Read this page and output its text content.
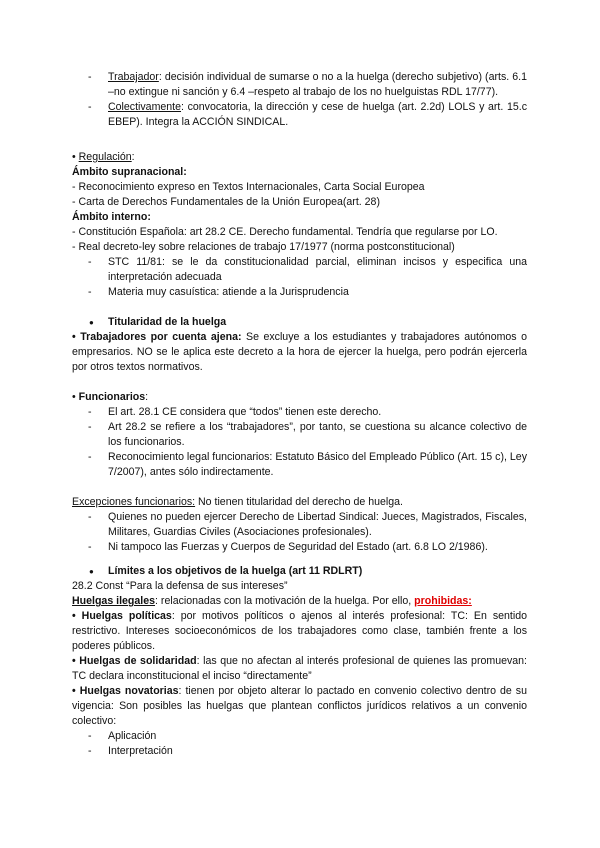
- Trabajador: decisión individual de sumarse o no a la huelga (derecho subjetivo) (arts. 6.1 –no extingue ni sanción y 6.4 –respeto al trabajo de los no huelguistas RDL 17/77).
- Colectivamente: convocatoria, la dirección y cese de huelga (art. 2.2d) LOLS y art. 15.c EBEP). Integra la ACCIÓN SINDICAL.

• Regulación:

Ámbito supranacional:

- Reconocimiento expreso en Textos Internacionales, Carta Social Europea

- Carta de Derechos Fundamentales de la Unión Europea(art. 28)

Ámbito interno:

- Constitución Española: art 28.2 CE. Derecho fundamental. Tendría que regularse por LO.

- Real decreto-ley sobre relaciones de trabajo 17/1977 (norma postconstitucional)

- STC 11/81: se le da constitucionalidad parcial, eliminan incisos y especifica una interpretación adecuada
- Materia muy casuística: atiende a la Jurisprudencia

● Titularidad de la huelga

• Trabajadores por cuenta ajena: Se excluye a los estudiantes y trabajadores autónomos o empresarios. NO se le aplica este decreto a la hora de ejercer la huelga, pero podrán ejercerla por otros textos normativos.

• Funcionarios:

- El art. 28.1 CE considera que “todos” tienen este derecho.
- Art 28.2 se refiere a los “trabajadores”, por tanto, se cuestiona su alcance colectivo de los funcionarios.
- Reconocimiento legal funcionarios: Estatuto Básico del Empleado Público (Art. 15 c), Ley 7/2007), antes sólo indirectamente.

Excepciones funcionarios: No tienen titularidad del derecho de huelga.

- Quienes no pueden ejercer Derecho de Libertad Sindical: Jueces, Magistrados, Fiscales, Militares, Guardias Civiles (Asociaciones profesionales).
- Ni tampoco las Fuerzas y Cuerpos de Seguridad del Estado (art. 6.8 LO 2/1986).

● Límites a los objetivos de la huelga (art 11 RDLRT)

28.2 Const “Para la defensa de sus intereses”

Huelgas ilegales: relacionadas con la motivación de la huelga. Por ello, prohibidas:

• Huelgas políticas: por motivos políticos o ajenos al interés profesional: TC: En sentido restrictivo. Intereses socioeconómicos de los trabajadores como clase, también frente a los poderes públicos.

• Huelgas de solidaridad: las que no afectan al interés profesional de quienes las promuevan: TC declara inconstitucional el inciso “directamente”

• Huelgas novatorias: tienen por objeto alterar lo pactado en convenio colectivo dentro de su vigencia: Son posibles las huelgas que plantean conflictos jurídicos relativos a un convenio colectivo:

- Aplicación
- Interpretación
